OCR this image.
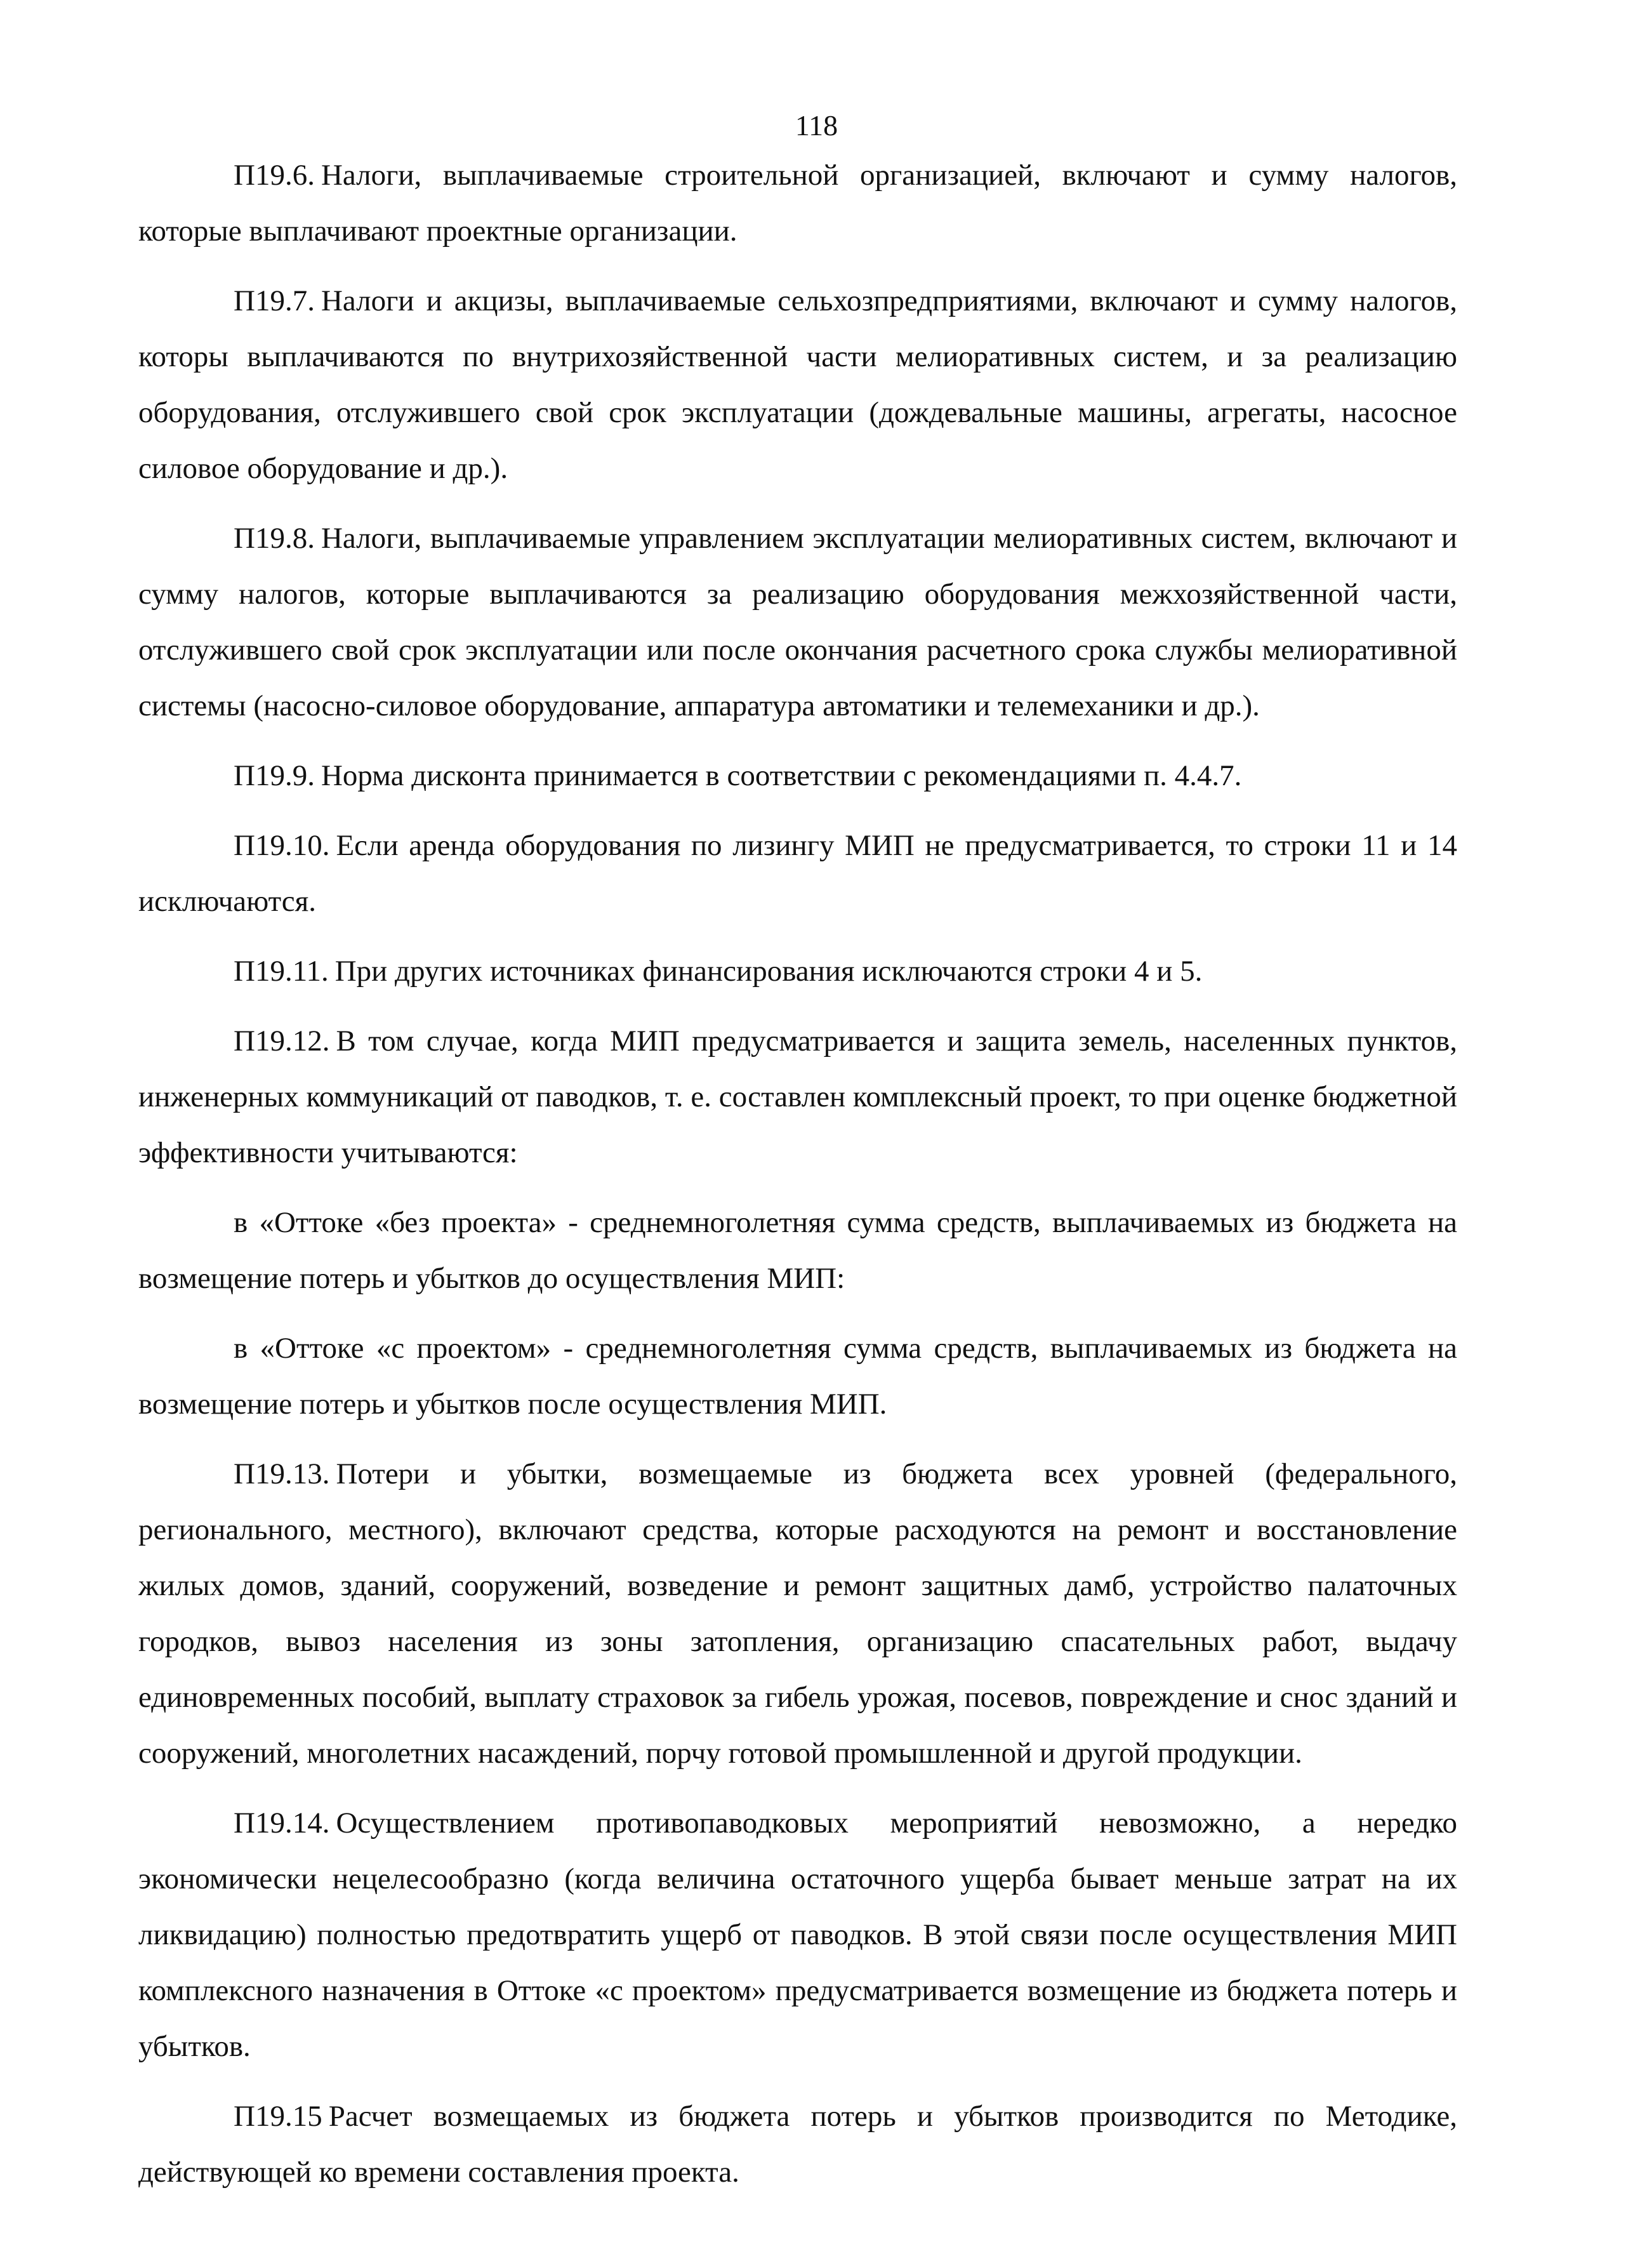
118

П19.6. Налоги, выплачиваемые строительной организацией, включают и сумму налогов, которые выплачивают проектные организации.

П19.7. Налоги и акцизы, выплачиваемые сельхозпредприятиями, включают и сумму налогов, которы выплачиваются по внутрихозяйственной части мелиоративных систем, и за реализацию оборудования, отслужившего свой срок эксплуатации (дождевальные машины, агрегаты, насосное силовое оборудование и др.).

П19.8. Налоги, выплачиваемые управлением эксплуатации мелиоративных систем, включают и сумму налогов, которые выплачиваются за реализацию оборудования межхозяйственной части, отслужившего свой срок эксплуатации или после окончания расчетного срока службы мелиоративной системы (насосно-силовое оборудование, аппаратура автоматики и телемеханики и др.).

П19.9. Норма дисконта принимается в соответствии с рекомендациями п. 4.4.7.

П19.10. Если аренда оборудования по лизингу МИП не предусматривается, то строки 11 и 14 исключаются.

П19.11. При других источниках финансирования исключаются строки 4 и 5.

П19.12. В том случае, когда МИП предусматривается и защита земель, населенных пунктов, инженерных коммуникаций от паводков, т. е. составлен комплексный проект, то при оценке бюджетной эффективности учитываются:

в «Оттоке «без проекта» - среднемноголетняя сумма средств, выплачиваемых из бюджета на возмещение потерь и убытков до осуществления МИП:

в «Оттоке «с проектом» - среднемноголетняя сумма средств, выплачиваемых из бюджета на возмещение потерь и убытков после осуществления МИП.

П19.13. Потери и убытки, возмещаемые из бюджета всех уровней (федерального, регионального, местного), включают средства, которые расходуются на ремонт и восстановление жилых домов, зданий, сооружений, возведение и ремонт защитных дамб, устройство палаточных городков, вывоз населения из зоны затопления, организацию спасательных работ, выдачу единовременных пособий, выплату страховок за гибель урожая, посевов, повреждение и снос зданий и сооружений, многолетних насаждений, порчу готовой промышленной и другой продукции.

П19.14. Осуществлением противопаводковых мероприятий невозможно, а нередко экономически нецелесообразно (когда величина остаточного ущерба бывает меньше затрат на их ликвидацию) полностью предотвратить ущерб от паводков. В этой связи после осуществления МИП комплексного назначения в Оттоке «с проектом» предусматривается возмещение из бюджета потерь и убытков.

П19.15 Расчет возмещаемых из бюджета потерь и убытков производится по Методике, действующей ко времени составления проекта.
